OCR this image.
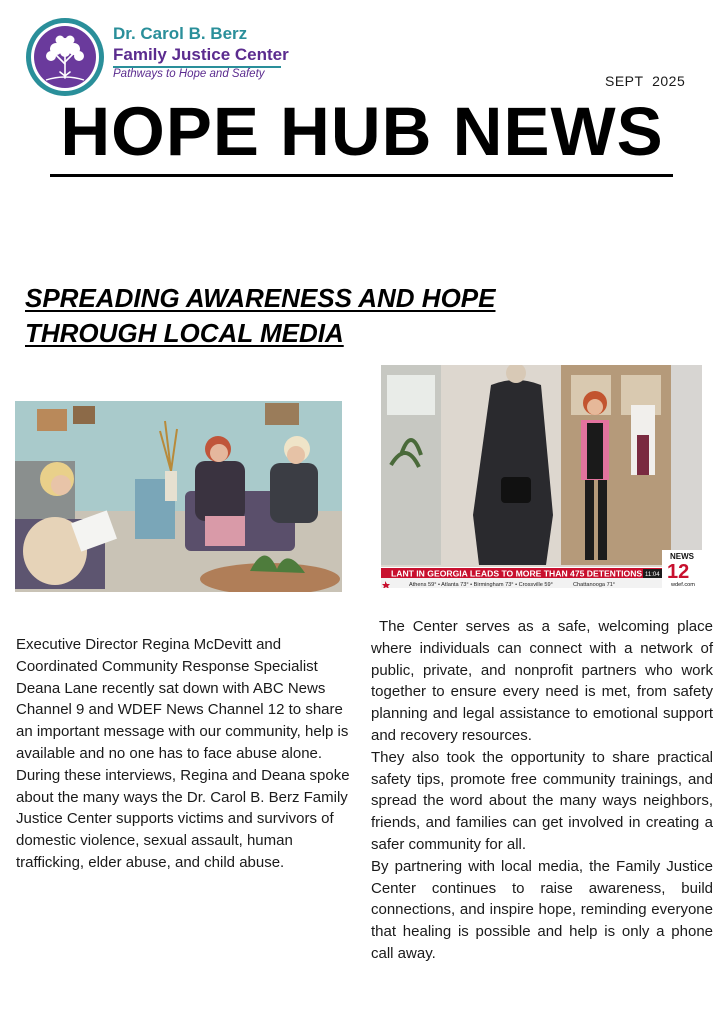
Dr. Carol B. Berz
Family Justice Center
Pathways to Hope and Safety	SEPT  2025
HOPE HUB NEWS
SPREADING AWARENESS AND HOPE
THROUGH LOCAL MEDIA
LANT IN GEORGIA LEADS TO MORE THAN 475 DETENTIONS
Athens 59° • Atlanta 73° • Birmingham 73° • Crossville 59°	Chattanooga 71°
NEWS
12
11:04
wdef.com

Executive Director Regina McDevitt and Coordinated Community Response Specialist Deana Lane recently sat down with ABC News Channel 9 and WDEF News Channel 12 to share an important message with our community, help is available and no one has to face abuse alone.

During these interviews, Regina and Deana spoke about the many ways the Dr. Carol B. Berz Family Justice Center supports victims and survivors of domestic violence, sexual assault, human trafficking, elder abuse, and child abuse.

The Center serves as a safe, welcoming place where individuals can connect with a network of public, private, and nonprofit partners who work together to ensure every need is met, from safety planning and legal assistance to emotional support and recovery resources.

They also took the opportunity to share practical safety tips, promote free community trainings, and spread the word about the many ways neighbors, friends, and families can get involved in creating a safer community for all.

By partnering with local media, the Family Justice Center continues to raise awareness, build connections, and inspire hope, reminding everyone that healing is possible and help is only a phone call away.
